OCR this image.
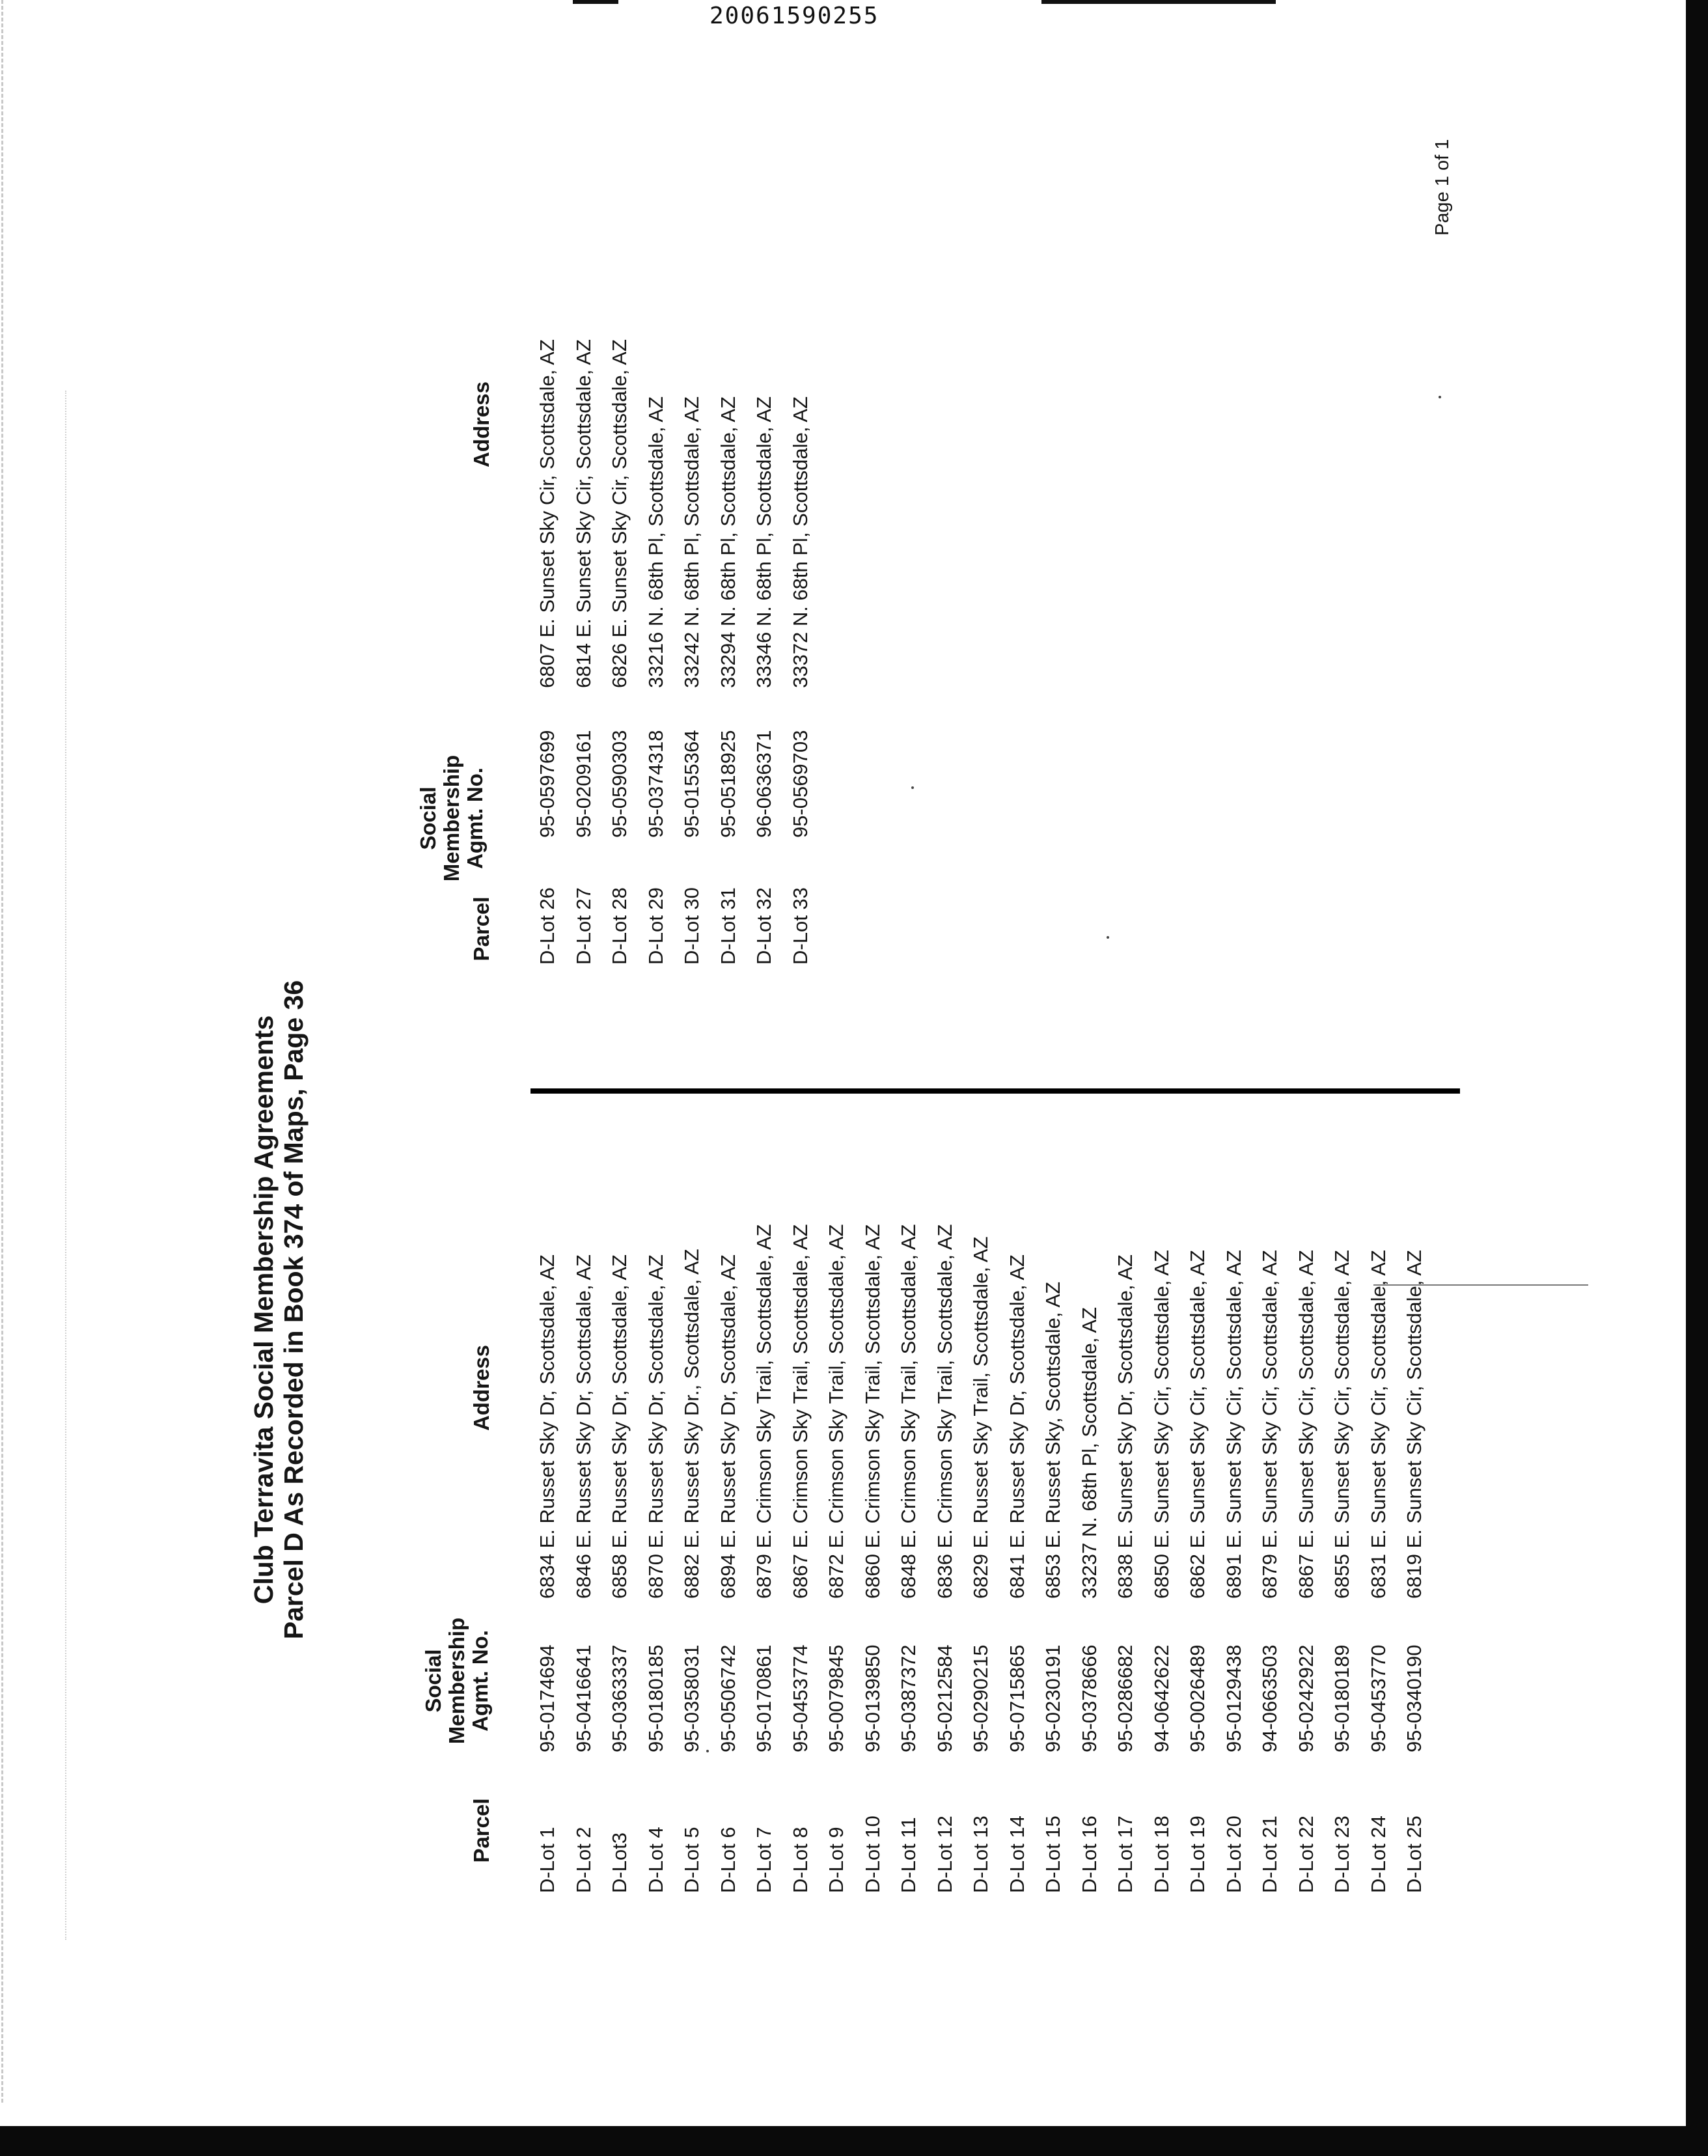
20061590255
Club Terravita Social Membership Agreements Parcel D As Recorded in Book 374 of Maps, Page 36
Parcel
Social Membership Agmt. No.
Address
Parcel
Social Membership Agmt. No.
Address
D-Lot 1 D-Lot 2 D-Lot3 D-Lot 4 D-Lot 5 D-Lot 6 D-Lot 7 D-Lot 8 D-Lot 9 D-Lot 10 D-Lot 11 D-Lot 12 D-Lot 13 D-Lot 14 D-Lot 15 D-Lot 16 D-Lot 17 D-Lot 18 D-Lot 19 D-Lot 20 D-Lot 21 D-Lot 22 D-Lot 23 D-Lot 24 D-Lot 25
95-0174694 95-0416641 95-0363337 95-0180185 95-0358031 95-0506742 95-0170861 95-0453774 95-0079845 95-0139850 95-0387372 95-0212584 95-0290215 95-0715865 95-0230191 95-0378666 95-0286682 94-0642622 95-0026489 95-0129438 94-0663503 95-0242922 95-0180189 95-0453770 95-0340190
6834 E. Russet Sky Dr, Scottsdale, AZ 6846 E. Russet Sky Dr, Scottsdale, AZ 6858 E. Russet Sky Dr, Scottsdale, AZ 6870 E. Russet Sky Dr, Scottsdale, AZ 6882 E. Russet Sky Dr., Scottsdale, AZ 6894 E. Russet Sky Dr, Scottsdale, AZ 6879 E. Crimson Sky Trail, Scottsdale, AZ 6867 E. Crimson Sky Trail, Scottsdale, AZ 6872 E. Crimson Sky Trail, Scottsdale, AZ 6860 E. Crimson Sky Trail, Scottsdale, AZ 6848 E. Crimson Sky Trail, Scottsdale, AZ 6836 E. Crimson Sky Trail, Scottsdale, AZ 6829 E. Russet Sky Trail, Scottsdale, AZ 6841 E. Russet Sky Dr, Scottsdale, AZ 6853 E. Russet Sky, Scottsdale, AZ 33237 N. 68th Pl, Scottsdale, AZ 6838 E. Sunset Sky Dr, Scottsdale, AZ 6850 E. Sunset Sky Cir, Scottsdale, AZ 6862 E. Sunset Sky Cir, Scottsdale, AZ 6891 E. Sunset Sky Cir, Scottsdale, AZ 6879 E. Sunset Sky Cir, Scottsdale, AZ 6867 E. Sunset Sky Cir, Scottsdale, AZ 6855 E. Sunset Sky Cir, Scottsdale, AZ 6831 E. Sunset Sky Cir, Scottsdale, AZ 6819 E. Sunset Sky Cir, Scottsdale, AZ
D-Lot 26 D-Lot 27 D-Lot 28 D-Lot 29 D-Lot 30 D-Lot 31 D-Lot 32 D-Lot 33
95-0597699 95-0209161 95-0590303 95-0374318 95-0155364 95-0518925 96-0636371 95-0569703
6807 E. Sunset Sky Cir, Scottsdale, AZ 6814 E. Sunset Sky Cir, Scottsdale, AZ 6826 E. Sunset Sky Cir, Scottsdale, AZ 33216 N. 68th Pl, Scottsdale, AZ 33242 N. 68th Pl, Scottsdale, AZ 33294 N. 68th Pl, Scottsdale, AZ 33346 N. 68th Pl, Scottsdale, AZ 33372 N. 68th Pl, Scottsdale, AZ
Page 1 of 1
